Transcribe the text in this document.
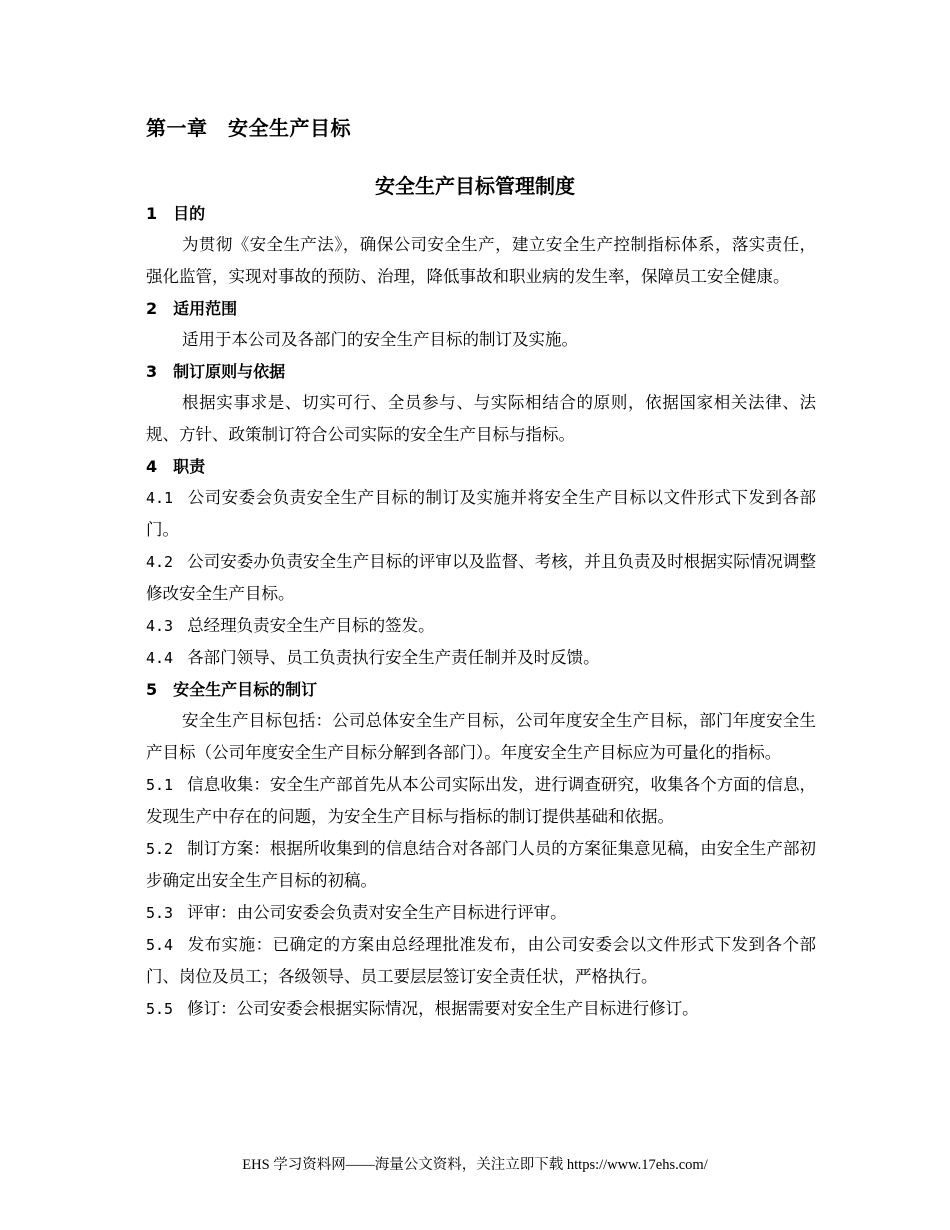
第一章　安全生产目标
安全生产目标管理制度
1　目的
为贯彻《安全生产法》，确保公司安全生产，建立安全生产控制指标体系，落实责任，强化监管，实现对事故的预防、治理，降低事故和职业病的发生率，保障员工安全健康。
2　适用范围
适用于本公司及各部门的安全生产目标的制订及实施。
3　制订原则与依据
根据实事求是、切实可行、全员参与、与实际相结合的原则，依据国家相关法律、法规、方针、政策制订符合公司实际的安全生产目标与指标。
4　职责
4.1 公司安委会负责安全生产目标的制订及实施并将安全生产目标以文件形式下发到各部门。
4.2 公司安委办负责安全生产目标的评审以及监督、考核，并且负责及时根据实际情况调整修改安全生产目标。
4.3 总经理负责安全生产目标的签发。
4.4 各部门领导、员工负责执行安全生产责任制并及时反馈。
5　安全生产目标的制订
安全生产目标包括：公司总体安全生产目标，公司年度安全生产目标，部门年度安全生产目标（公司年度安全生产目标分解到各部门）。年度安全生产目标应为可量化的指标。
5.1 信息收集：安全生产部首先从本公司实际出发，进行调查研究，收集各个方面的信息，发现生产中存在的问题，为安全生产目标与指标的制订提供基础和依据。
5.2 制订方案：根据所收集到的信息结合对各部门人员的方案征集意见稿，由安全生产部初步确定出安全生产目标的初稿。
5.3 评审：由公司安委会负责对安全生产目标进行评审。
5.4 发布实施：已确定的方案由总经理批准发布，由公司安委会以文件形式下发到各个部门、岗位及员工；各级领导、员工要层层签订安全责任状，严格执行。
5.5 修订：公司安委会根据实际情况，根据需要对安全生产目标进行修订。
EHS 学习资料网——海量公文资料，关注立即下载 https://www.17ehs.com/
